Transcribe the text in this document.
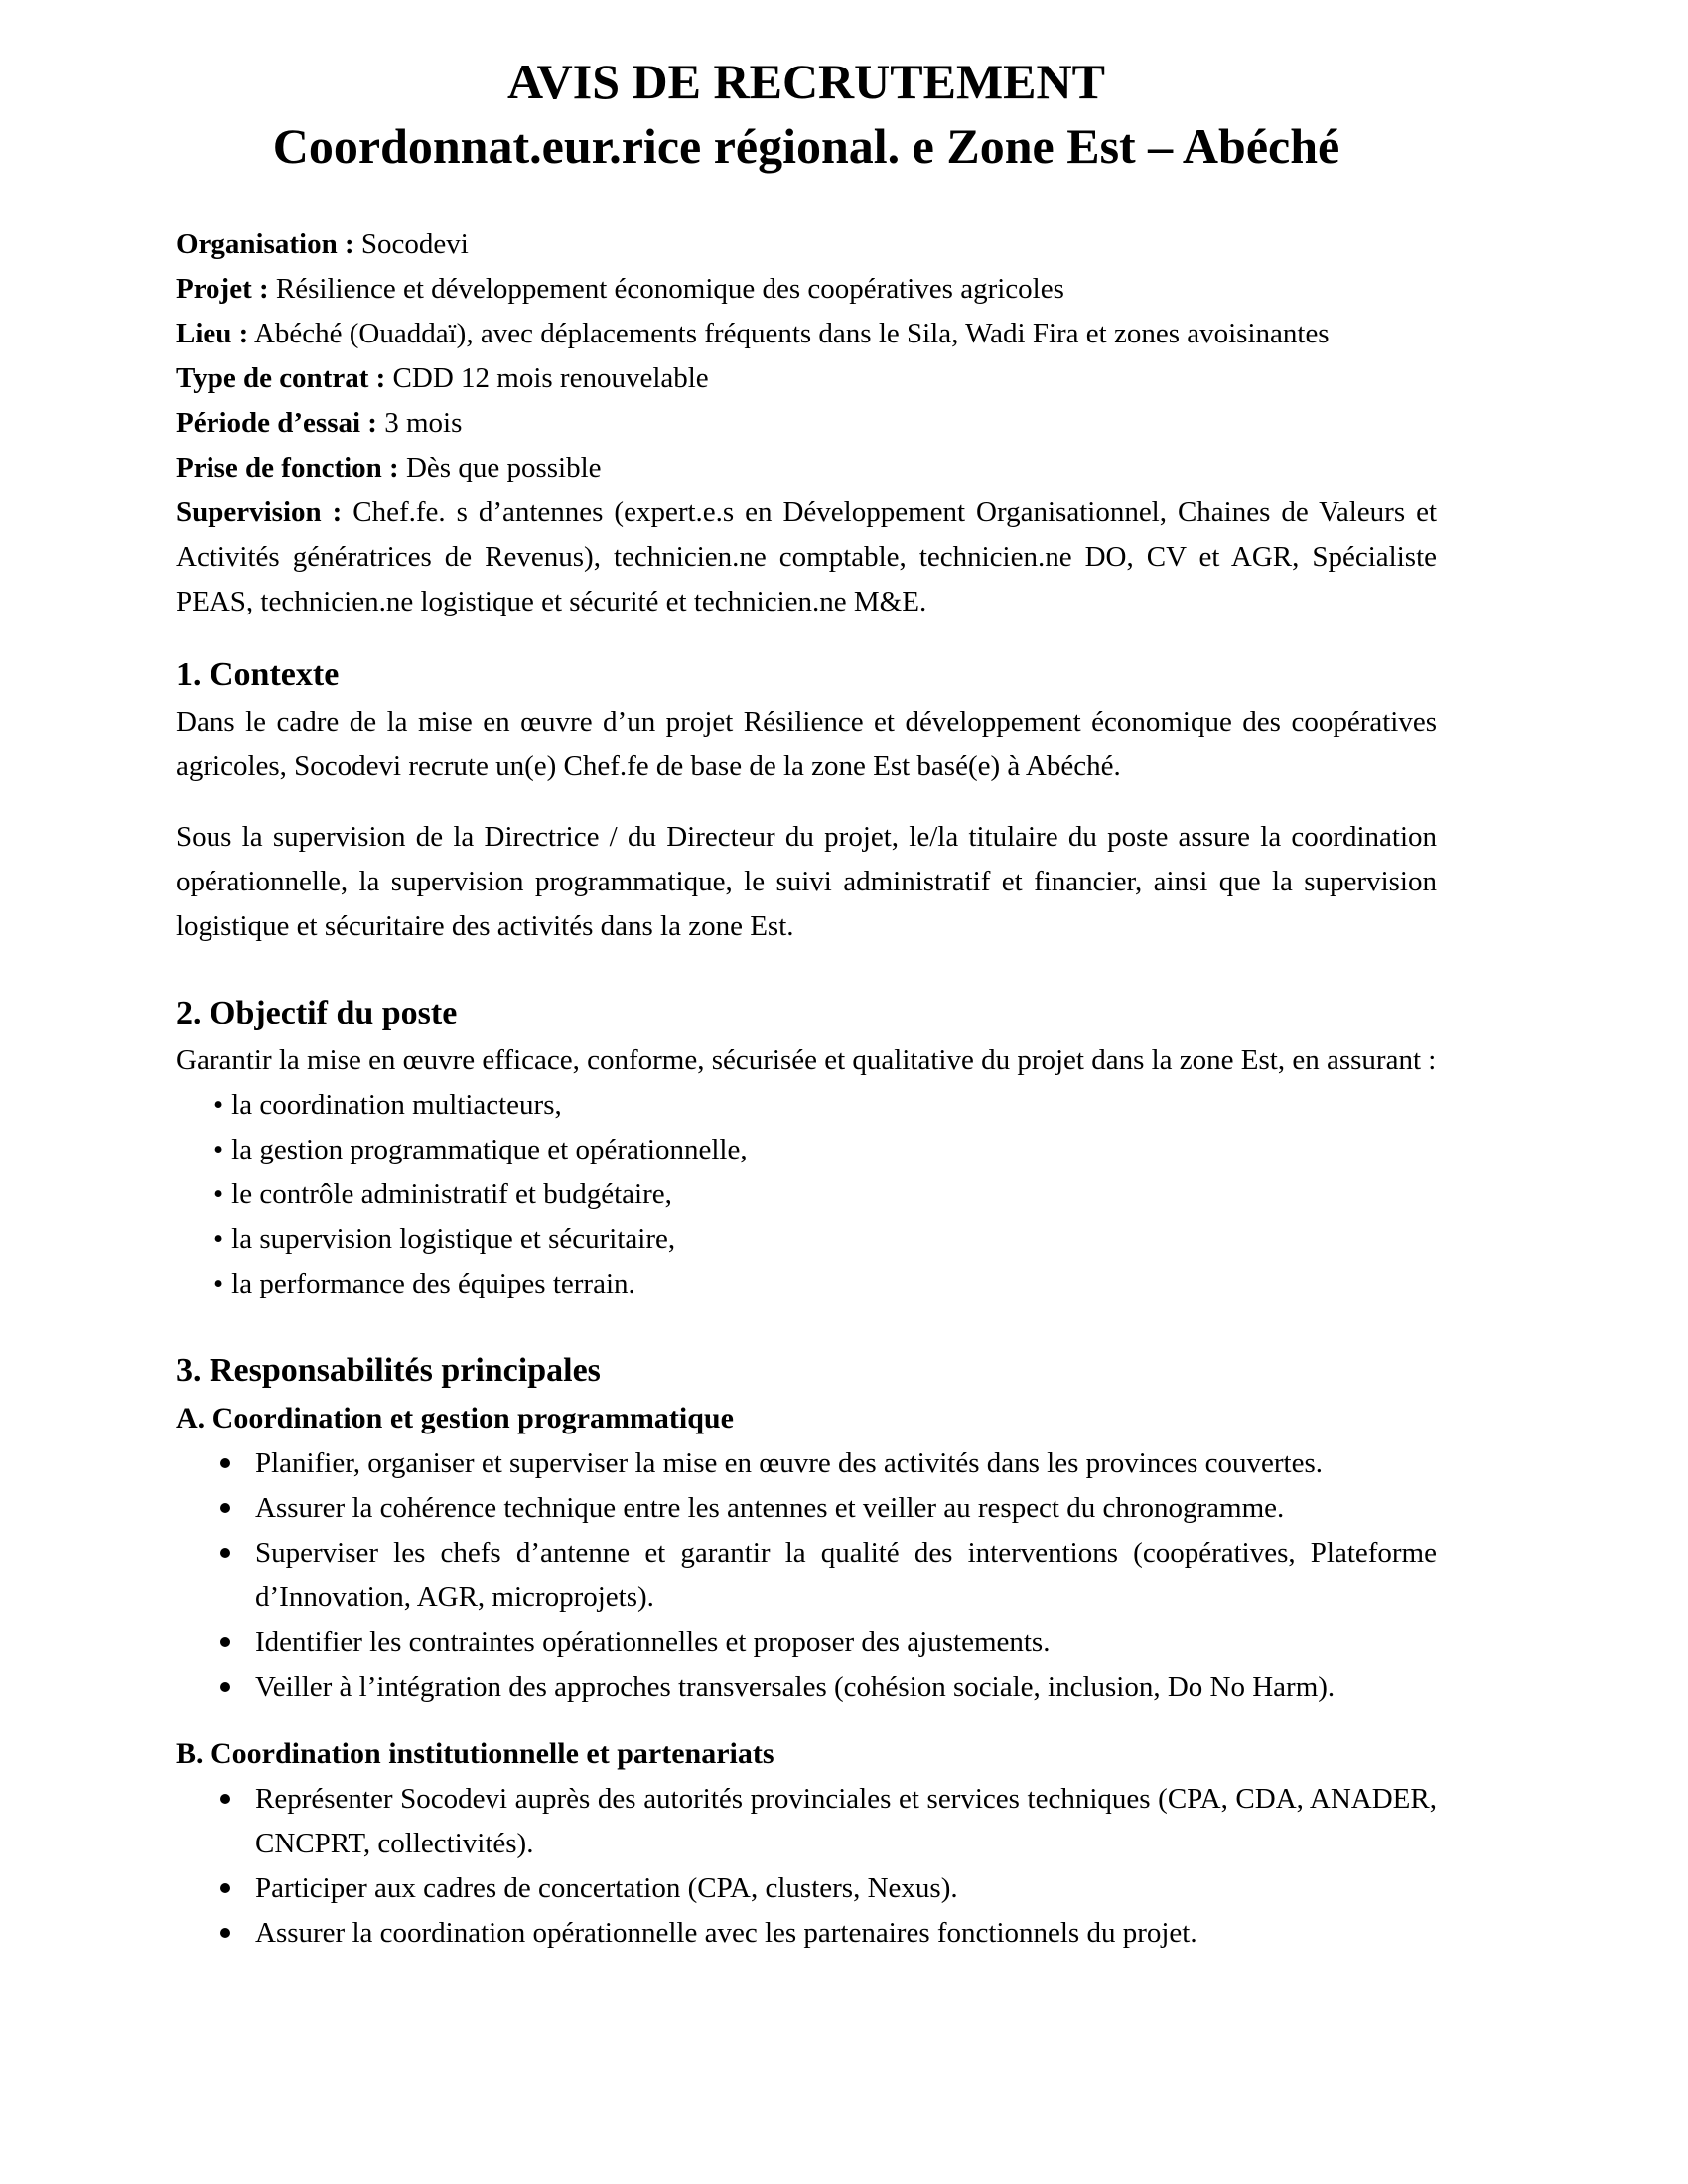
AVIS DE RECRUTEMENT
Coordonnat.eur.rice régional. e Zone Est – Abéché

Organisation : Socodevi

Projet : Résilience et développement économique des coopératives agricoles

Lieu : Abéché (Ouaddaï), avec déplacements fréquents dans le Sila, Wadi Fira et zones avoisinantes

Type de contrat : CDD 12 mois renouvelable

Période d’essai : 3 mois

Prise de fonction : Dès que possible

Supervision : Chef.fe. s d’antennes (expert.e.s en Développement Organisationnel, Chaines de Valeurs et Activités génératrices de Revenus), technicien.ne comptable, technicien.ne DO, CV et AGR, Spécialiste PEAS, technicien.ne logistique et sécurité et technicien.ne M&E.

1. Contexte

Dans le cadre de la mise en œuvre d’un projet Résilience et développement économique des coopératives agricoles, Socodevi recrute un(e) Chef.fe de base de la zone Est basé(e) à Abéché.

Sous la supervision de la Directrice / du Directeur du projet, le/la titulaire du poste assure la coordination opérationnelle, la supervision programmatique, le suivi administratif et financier, ainsi que la supervision logistique et sécuritaire des activités dans la zone Est.

2. Objectif du poste

Garantir la mise en œuvre efficace, conforme, sécurisée et qualitative du projet dans la zone Est, en assurant :

• la coordination multiacteurs,

• la gestion programmatique et opérationnelle,

• le contrôle administratif et budgétaire,

• la supervision logistique et sécuritaire,

• la performance des équipes terrain.

3. Responsabilités principales
A. Coordination et gestion programmatique
Planifier, organiser et superviser la mise en œuvre des activités dans les provinces couvertes.
Assurer la cohérence technique entre les antennes et veiller au respect du chronogramme.
Superviser les chefs d’antenne et garantir la qualité des interventions (coopératives, Plateforme d’Innovation, AGR, microprojets).
Identifier les contraintes opérationnelles et proposer des ajustements.
Veiller à l’intégration des approches transversales (cohésion sociale, inclusion, Do No Harm).
B. Coordination institutionnelle et partenariats
Représenter Socodevi auprès des autorités provinciales et services techniques (CPA, CDA, ANADER, CNCPRT, collectivités).
Participer aux cadres de concertation (CPA, clusters, Nexus).
Assurer la coordination opérationnelle avec les partenaires fonctionnels du projet.
